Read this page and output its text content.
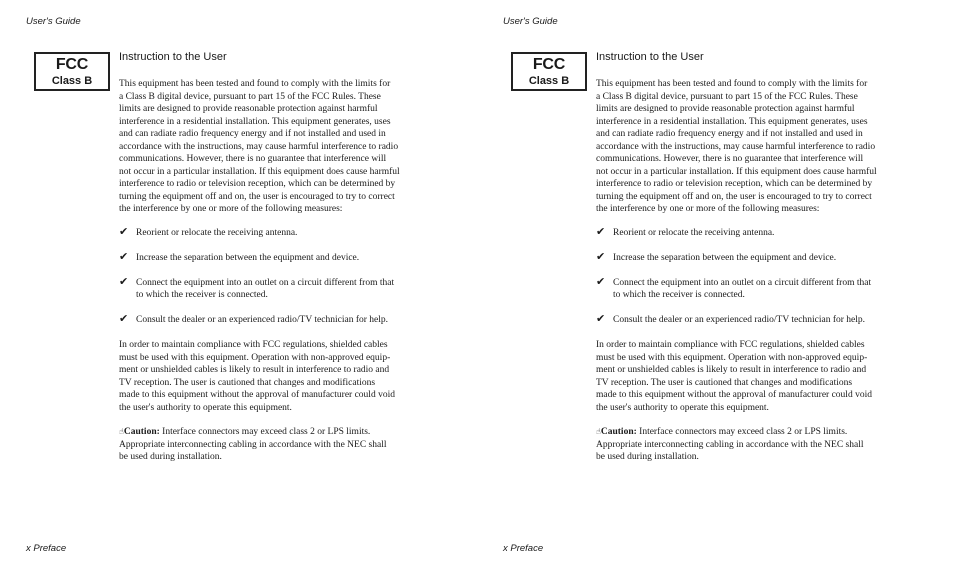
User's Guide
FCC
Class B
Instruction to the User
This equipment has been tested and found to comply with the limits for
a Class B digital device, pursuant to part 15 of the FCC Rules. These
limits are designed to provide reasonable protection against harmful
interference in a residential installation. This equipment generates, uses
and can radiate radio frequency energy and if not installed and used in
accordance with the instructions, may cause harmful interference to radio
communications. However, there is no guarantee that interference will
not occur in a particular installation. If this equipment does cause harmful
interference to radio or television reception, which can be determined by
turning the equipment off and on, the user is encouraged to try to correct
the interference by one or more of the following measures:
✔ Reorient or relocate the receiving antenna.
✔ Increase the separation between the equipment and device.
✔ Connect the equipment into an outlet on a circuit different from that
to which the receiver is connected.
✔ Consult the dealer or an experienced radio/TV technician for help.
In order to maintain compliance with FCC regulations, shielded cables
must be used with this equipment. Operation with non-approved equip-
ment or unshielded cables is likely to result in interference to radio and
TV reception. The user is cautioned that changes and modifications
made to this equipment without the approval of manufacturer could void
the user's authority to operate this equipment.
☝Caution: Interface connectors may exceed class 2 or LPS limits.
Appropriate interconnecting cabling in accordance with the NEC shall
be used during installation.
x Preface
User's Guide
FCC
Class B
Instruction to the User
This equipment has been tested and found to comply with the limits for
a Class B digital device, pursuant to part 15 of the FCC Rules. These
limits are designed to provide reasonable protection against harmful
interference in a residential installation. This equipment generates, uses
and can radiate radio frequency energy and if not installed and used in
accordance with the instructions, may cause harmful interference to radio
communications. However, there is no guarantee that interference will
not occur in a particular installation. If this equipment does cause harmful
interference to radio or television reception, which can be determined by
turning the equipment off and on, the user is encouraged to try to correct
the interference by one or more of the following measures:
✔ Reorient or relocate the receiving antenna.
✔ Increase the separation between the equipment and device.
✔ Connect the equipment into an outlet on a circuit different from that
to which the receiver is connected.
✔ Consult the dealer or an experienced radio/TV technician for help.
In order to maintain compliance with FCC regulations, shielded cables
must be used with this equipment. Operation with non-approved equip-
ment or unshielded cables is likely to result in interference to radio and
TV reception. The user is cautioned that changes and modifications
made to this equipment without the approval of manufacturer could void
the user's authority to operate this equipment.
☝Caution: Interface connectors may exceed class 2 or LPS limits.
Appropriate interconnecting cabling in accordance with the NEC shall
be used during installation.
x Preface
